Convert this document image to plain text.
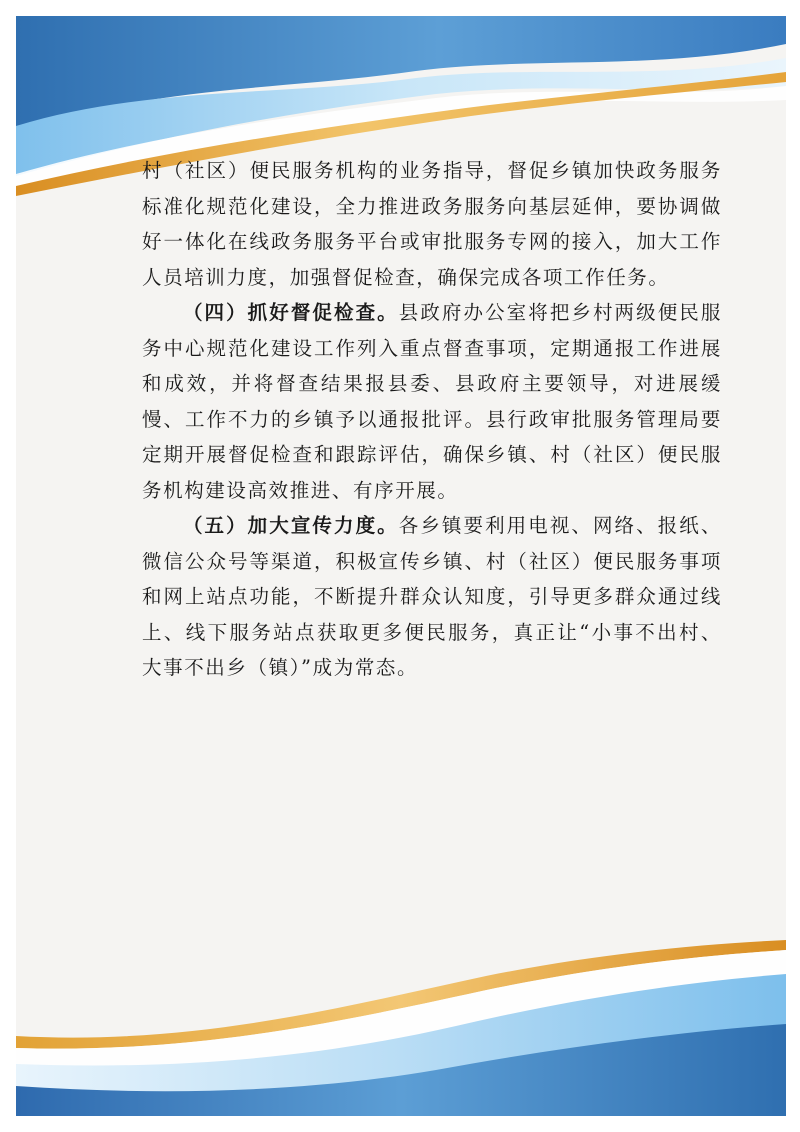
村（社区）便民服务机构的业务指导，督促乡镇加快政务服务标准化规范化建设，全力推进政务服务向基层延伸，要协调做好一体化在线政务服务平台或审批服务专网的接入，加大工作人员培训力度，加强督促检查，确保完成各项工作任务。

（四）抓好督促检查。县政府办公室将把乡村两级便民服务中心规范化建设工作列入重点督查事项，定期通报工作进展和成效，并将督查结果报县委、县政府主要领导，对进展缓慢、工作不力的乡镇予以通报批评。县行政审批服务管理局要定期开展督促检查和跟踪评估，确保乡镇、村（社区）便民服务机构建设高效推进、有序开展。

（五）加大宣传力度。各乡镇要利用电视、网络、报纸、微信公众号等渠道，积极宣传乡镇、村（社区）便民服务事项和网上站点功能，不断提升群众认知度，引导更多群众通过线上、线下服务站点获取更多便民服务，真正让“小事不出村、大事不出乡（镇）”成为常态。
